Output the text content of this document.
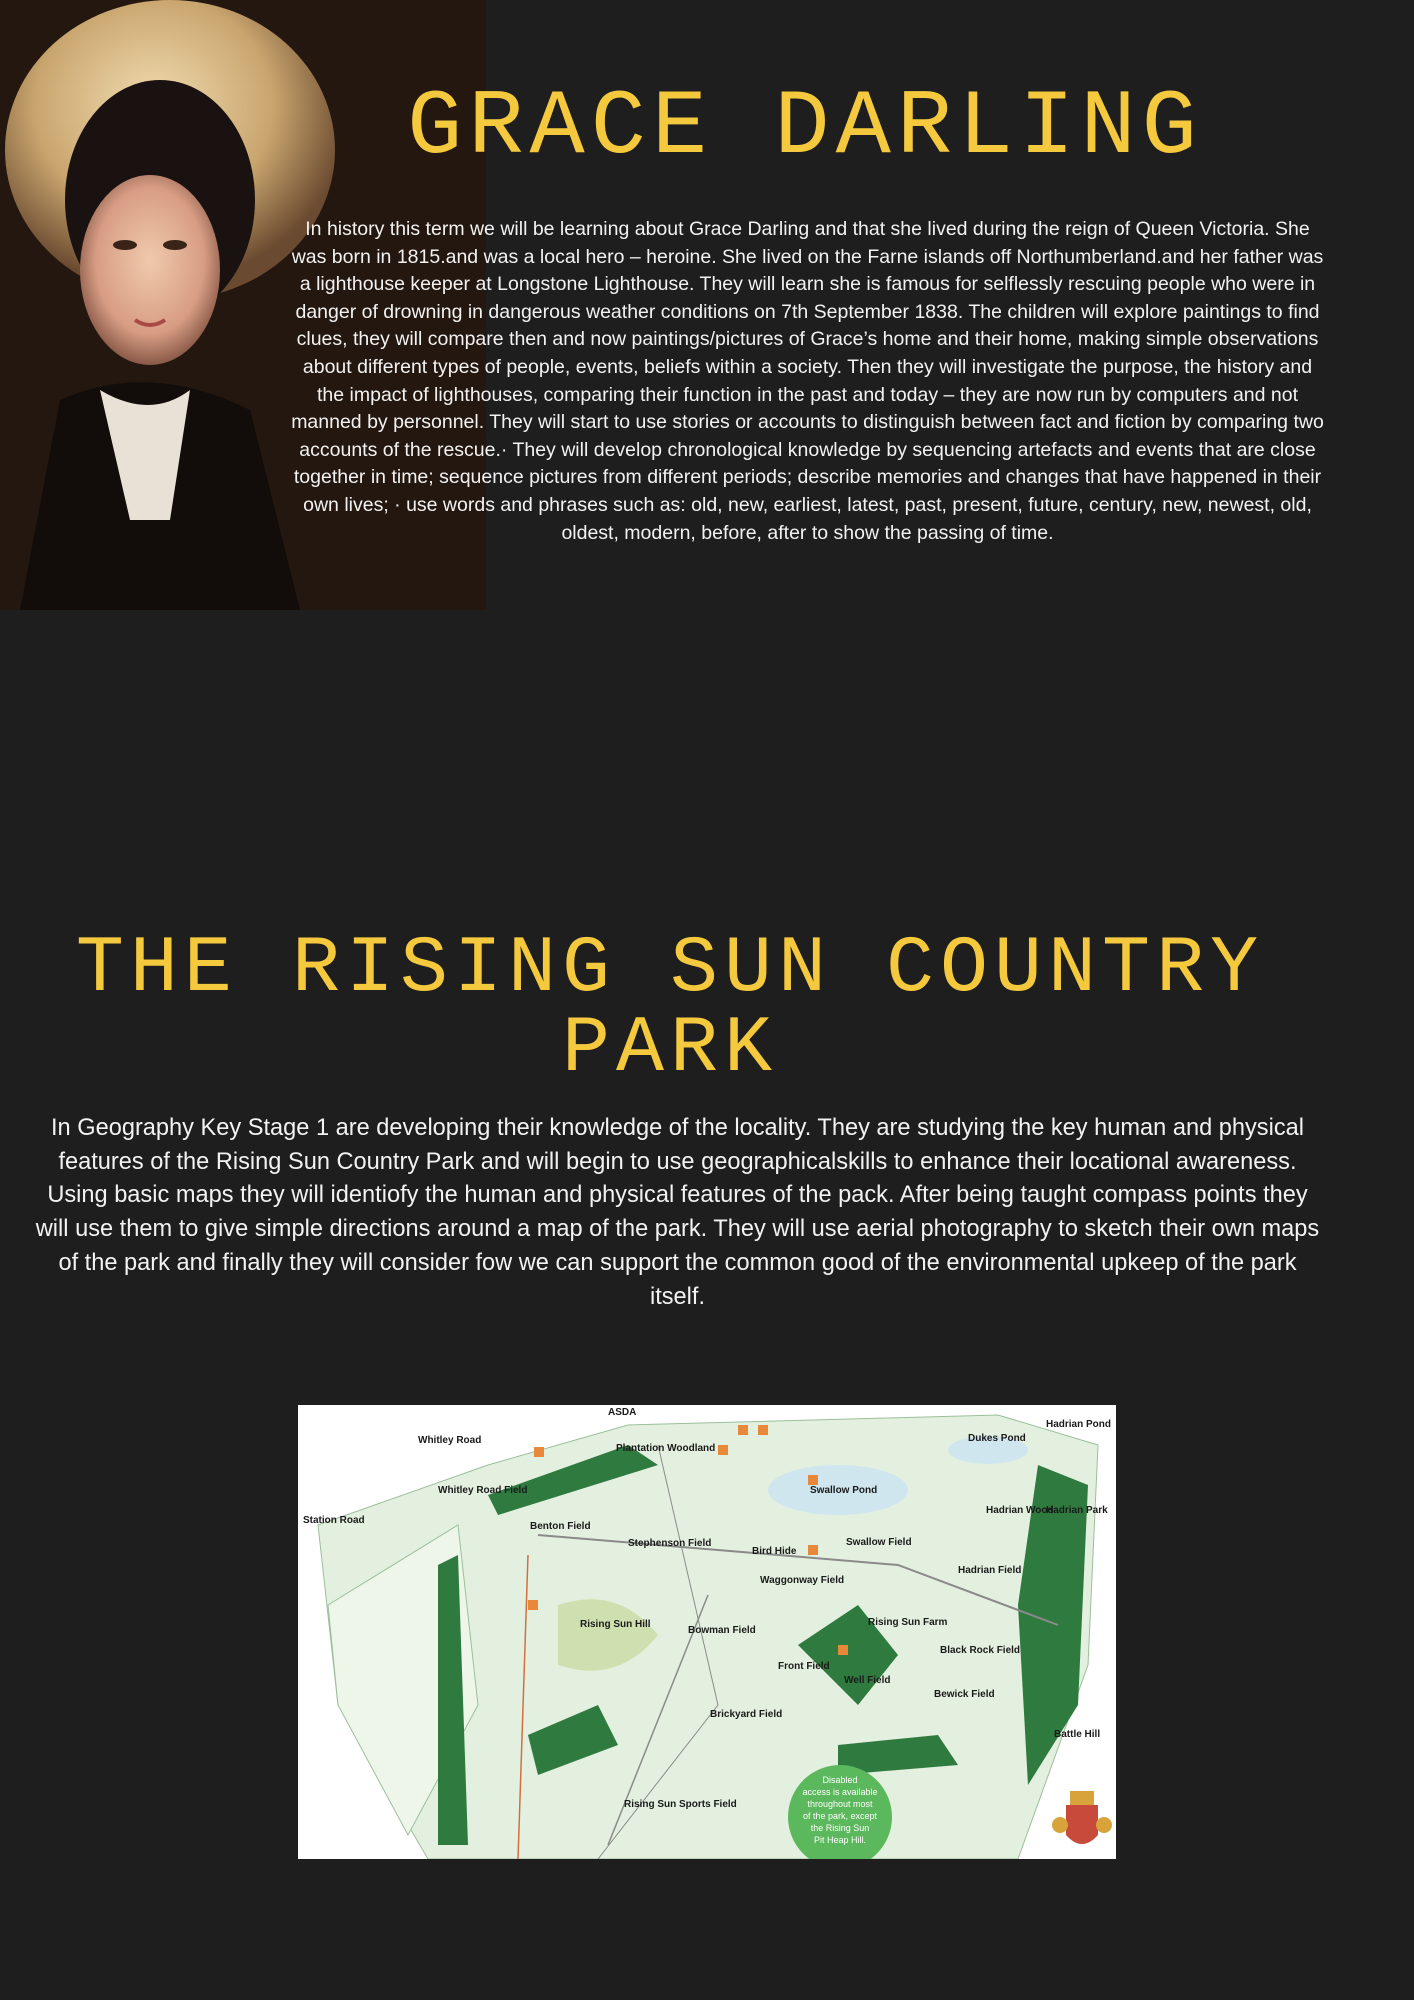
GRACE DARLING

In history this term we will be learning about Grace Darling and that she lived during the reign of Queen Victoria. She was born in 1815.and was a local hero – heroine. She lived on the Farne islands off Northumberland.and her father was a lighthouse keeper at Longstone Lighthouse. They will learn she is famous for selflessly rescuing people who were in danger of drowning in dangerous weather conditions on 7th September 1838. The children will explore paintings to find clues, they will compare then and now paintings/pictures of Grace’s home and their home, making simple observations about different types of people, events, beliefs within a society. Then they will investigate the purpose, the history and the impact of lighthouses, comparing their function in the past and today – they are now run by computers and not manned by personnel. They will start to use stories or accounts to distinguish between fact and fiction by comparing two accounts of the rescue.· They will develop chronological knowledge by sequencing artefacts and events that are close together in time; sequence pictures from different periods; describe memories and changes that have happened in their own lives; · use words and phrases such as: old, new, earliest, latest, past, present, future, century, new, newest, old, oldest, modern, before, after to show the passing of time.

THE RISING SUN COUNTRY PARK

In Geography Key Stage 1 are developing their knowledge of the locality. They are studying the key human and physical features of the Rising Sun Country Park and will begin to use geographicalskills to enhance their locational awareness. Using basic maps they will identiofy the human and physical features of the pack. After being taught compass points they will use them to give simple directions around a map of the park. They will use aerial photography to sketch their own maps of the park and finally they will consider fow we can support the common good of the environmental upkeep of the park itself.

ASDA
Whitley Road
Whitley Road Field
Station Road
Plantation Woodland
Benton Field
Stephenson Field
Swallow Pond
Swallow Field
Bird Hide
Dukes Pond
Hadrian Pond
Hadrian Park
Hadrian Wood
Hadrian Field
Waggonway Field
Rising Sun Farm
Rising Sun Hill
Bowman Field
Front Field
Well Field
Black Rock Field
Bewick Field
Brickyard Field
Battle Hill
Rising Sun Sports Field
Disabled
access is available
throughout most
of the park, except
the Rising Sun
Pit Heap Hill.
